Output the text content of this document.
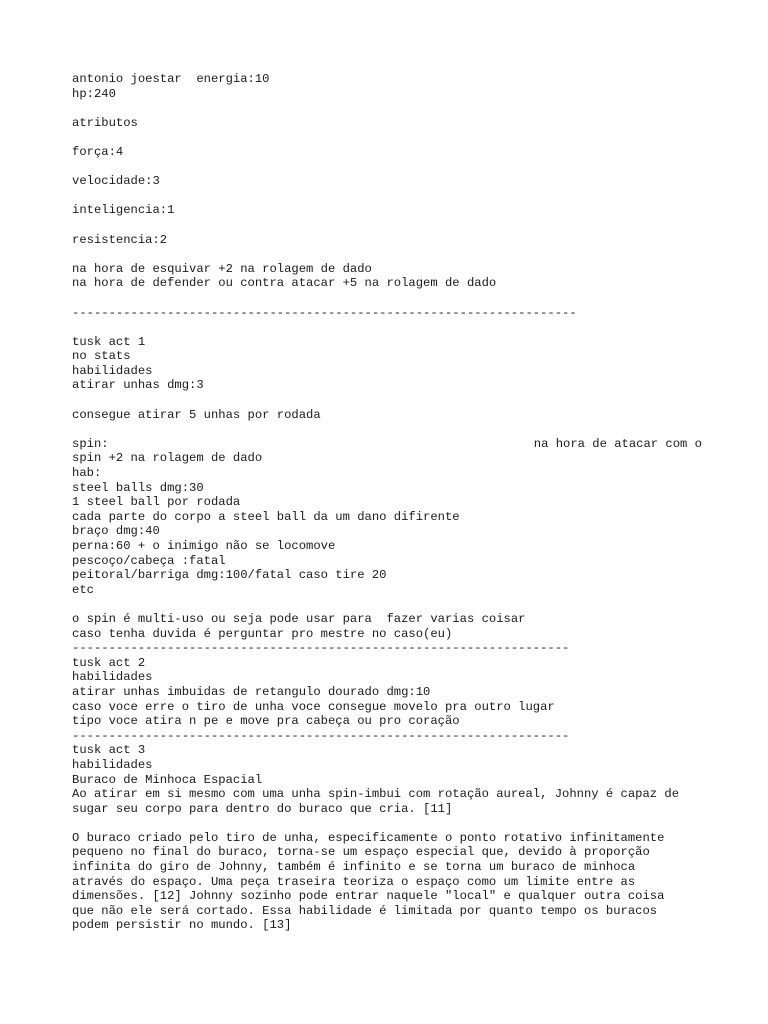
antonio joestar  energia:10
hp:240
atributos
força:4
velocidade:3
inteligencia:1
resistencia:2
na hora de esquivar +2 na rolagem de dado
na hora de defender ou contra atacar +5 na rolagem de dado
---------------------------------------------------------------------
tusk act 1
no stats
habilidades
atirar unhas dmg:3
consegue atirar 5 unhas por rodada
spin:	na hora de atacar com o
spin +2 na rolagem de dado
hab:
steel balls dmg:30
1 steel ball por rodada
cada parte do corpo a steel ball da um dano difirente
braço dmg:40
perna:60 + o inimigo não se locomove
pescoço/cabeça :fatal
peitoral/barriga dmg:100/fatal caso tire 20
etc
o spin é multi-uso ou seja pode usar para  fazer varias coisar
caso tenha duvida é perguntar pro mestre no caso(eu)
--------------------------------------------------------------------
tusk act 2
habilidades
atirar unhas imbuidas de retangulo dourado dmg:10
caso voce erre o tiro de unha voce consegue movelo pra outro lugar
tipo voce atira n pe e move pra cabeça ou pro coração
--------------------------------------------------------------------
tusk act 3
habilidades
Buraco de Minhoca Espacial
Ao atirar em si mesmo com uma unha spin-imbui com rotação aureal, Johnny é capaz de
sugar seu corpo para dentro do buraco que cria. [11]
O buraco criado pelo tiro de unha, especificamente o ponto rotativo infinitamente
pequeno no final do buraco, torna-se um espaço especial que, devido à proporção
infinita do giro de Johnny, também é infinito e se torna um buraco de minhoca
através do espaço. Uma peça traseira teoriza o espaço como um limite entre as
dimensões. [12] Johnny sozinho pode entrar naquele "local" e qualquer outra coisa
que não ele será cortado. Essa habilidade é limitada por quanto tempo os buracos
podem persistir no mundo. [13]
